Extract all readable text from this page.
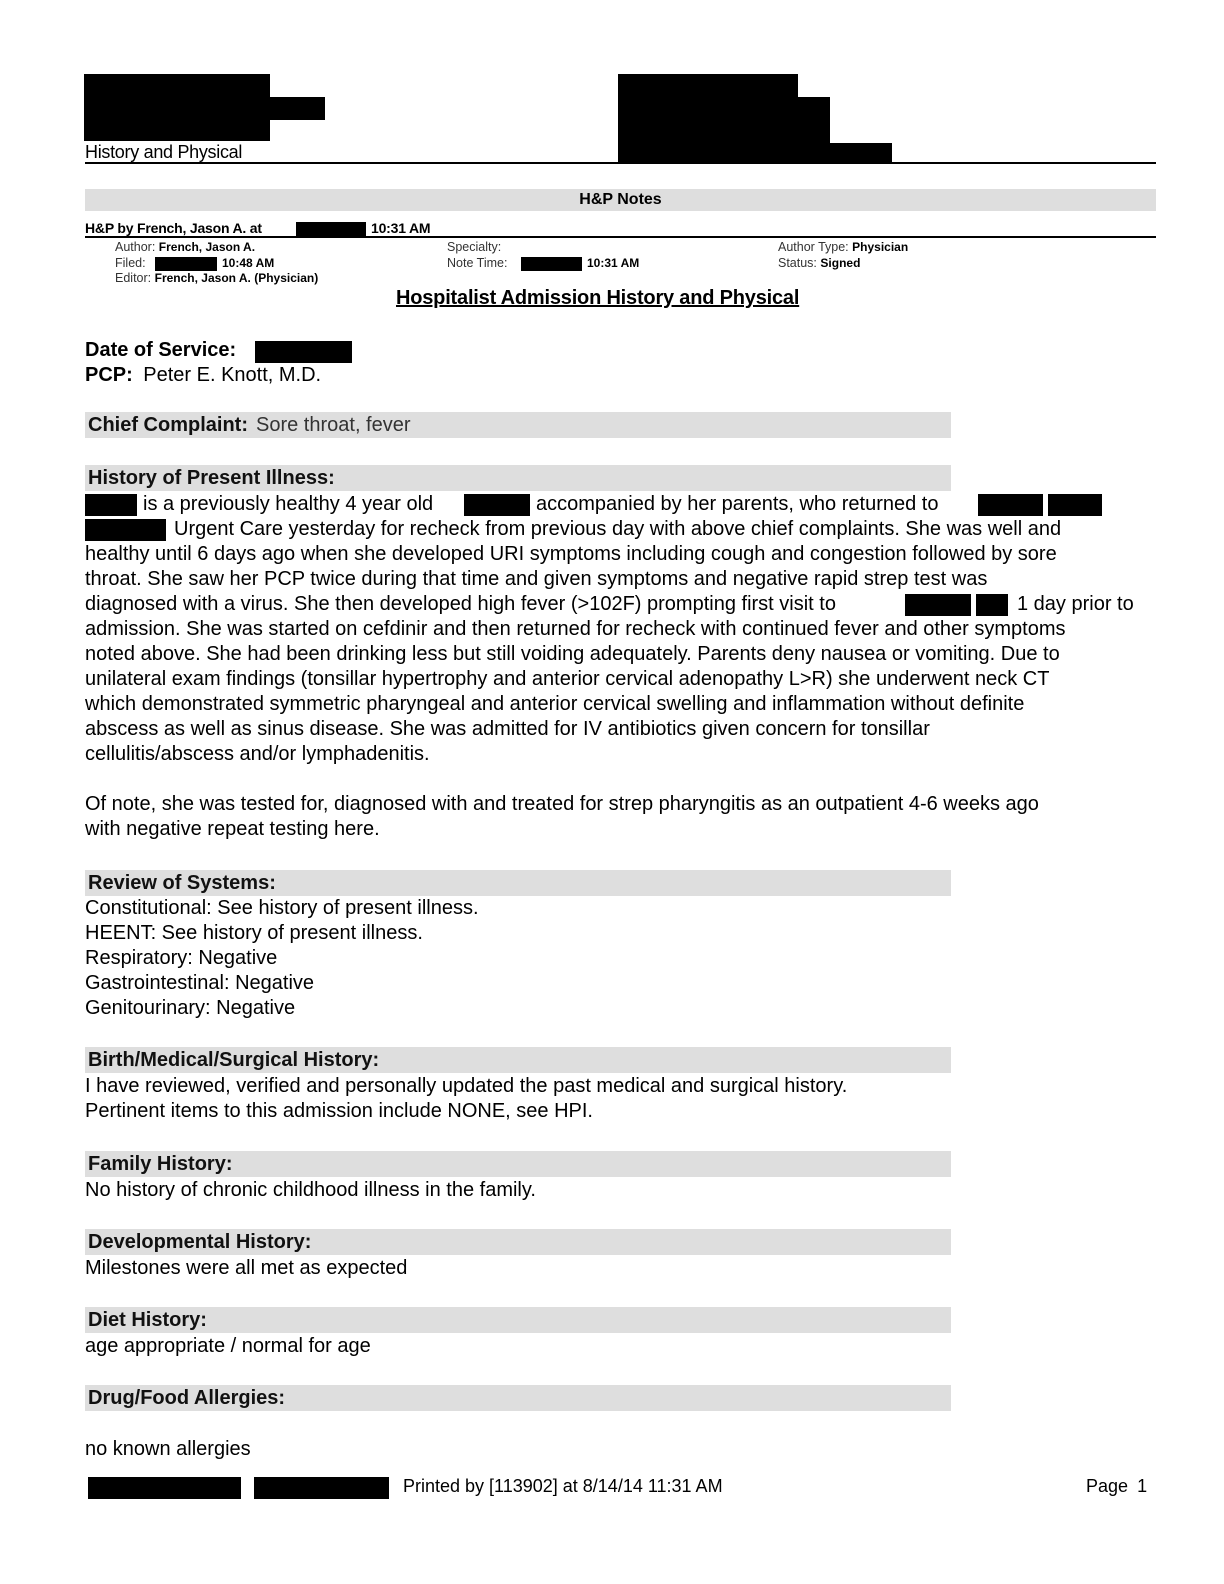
History and Physical
H&P Notes
H&P by French, Jason A. at	10:31 AM
Author: French, Jason A.
Filed:	10:48 AM
Editor: French, Jason A. (Physician)
Specialty:
Note Time:	10:31 AM
Author Type: Physician
Status: Signed
Hospitalist Admission History and Physical
Date of Service:
PCP: Peter E. Knott, M.D.
Chief Complaint: Sore throat, fever
History of Present Illness:
is a previously healthy 4 year old	accompanied by her parents, who returned to
Urgent Care yesterday for recheck from previous day with above chief complaints. She was well and
healthy until 6 days ago when she developed URI symptoms including cough and congestion followed by sore
throat. She saw her PCP twice during that time and given symptoms and negative rapid strep test was
diagnosed with a virus. She then developed high fever (>102F) prompting first visit to	1 day prior to
admission. She was started on cefdinir and then returned for recheck with continued fever and other symptoms
noted above. She had been drinking less but still voiding adequately. Parents deny nausea or vomiting. Due to
unilateral exam findings (tonsillar hypertrophy and anterior cervical adenopathy L>R) she underwent neck CT
which demonstrated symmetric pharyngeal and anterior cervical swelling and inflammation without definite
abscess as well as sinus disease. She was admitted for IV antibiotics given concern for tonsillar
cellulitis/abscess and/or lymphadenitis.
Of note, she was tested for, diagnosed with and treated for strep pharyngitis as an outpatient 4-6 weeks ago
with negative repeat testing here.
Review of Systems:
Constitutional: See history of present illness.
HEENT: See history of present illness.
Respiratory: Negative
Gastrointestinal: Negative
Genitourinary: Negative
Birth/Medical/Surgical History:
I have reviewed, verified and personally updated the past medical and surgical history.
Pertinent items to this admission include NONE, see HPI.
Family History:
No history of chronic childhood illness in the family.
Developmental History:
Milestones were all met as expected
Diet History:
age appropriate / normal for age
Drug/Food Allergies:
no known allergies
Printed by [113902] at 8/14/14 11:31 AM	Page 1
